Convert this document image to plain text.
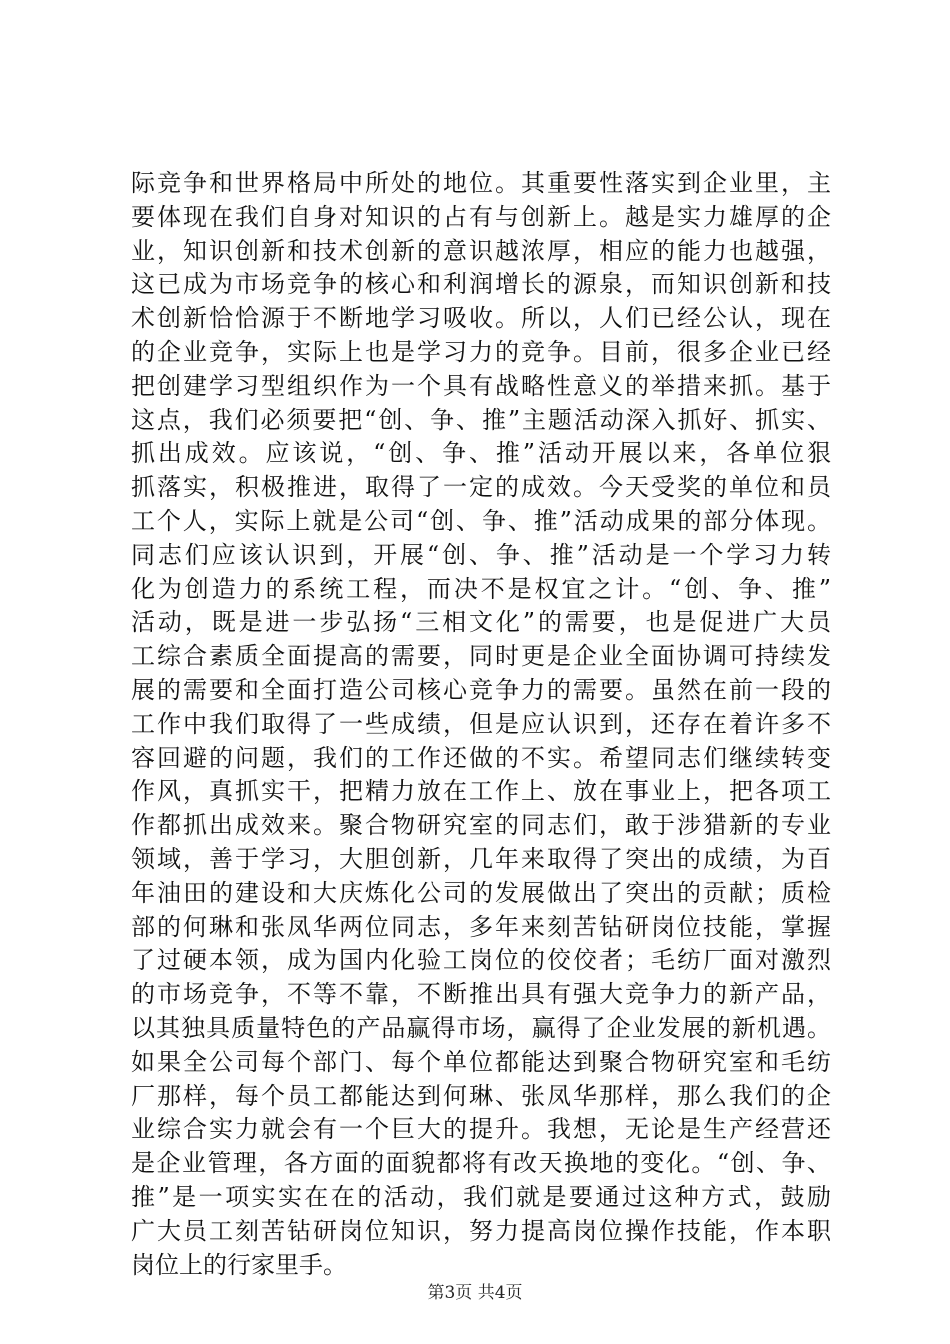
际竞争和世界格局中所处的地位。其重要性落实到企业里，主
要体现在我们自身对知识的占有与创新上。越是实力雄厚的企
业，知识创新和技术创新的意识越浓厚，相应的能力也越强，
这已成为市场竞争的核心和利润增长的源泉，而知识创新和技
术创新恰恰源于不断地学习吸收。所以，人们已经公认，现在
的企业竞争，实际上也是学习力的竞争。目前，很多企业已经
把创建学习型组织作为一个具有战略性意义的举措来抓。基于
这点，我们必须要把“创、争、推”主题活动深入抓好、抓实、
抓出成效。应该说，“创、争、推”活动开展以来，各单位狠
抓落实，积极推进，取得了一定的成效。今天受奖的单位和员
工个人，实际上就是公司“创、争、推”活动成果的部分体现。
同志们应该认识到，开展“创、争、推”活动是一个学习力转
化为创造力的系统工程，而决不是权宜之计。“创、争、推”
活动，既是进一步弘扬“三相文化”的需要，也是促进广大员
工综合素质全面提高的需要，同时更是企业全面协调可持续发
展的需要和全面打造公司核心竞争力的需要。虽然在前一段的
工作中我们取得了一些成绩，但是应认识到，还存在着许多不
容回避的问题，我们的工作还做的不实。希望同志们继续转变
作风，真抓实干，把精力放在工作上、放在事业上，把各项工
作都抓出成效来。聚合物研究室的同志们，敢于涉猎新的专业
领域，善于学习，大胆创新，几年来取得了突出的成绩，为百
年油田的建设和大庆炼化公司的发展做出了突出的贡献；质检
部的何琳和张凤华两位同志，多年来刻苦钻研岗位技能，掌握
了过硬本领，成为国内化验工岗位的佼佼者；毛纺厂面对激烈
的市场竞争，不等不靠，不断推出具有强大竞争力的新产品，
以其独具质量特色的产品赢得市场，赢得了企业发展的新机遇。
如果全公司每个部门、每个单位都能达到聚合物研究室和毛纺
厂那样，每个员工都能达到何琳、张凤华那样，那么我们的企
业综合实力就会有一个巨大的提升。我想，无论是生产经营还
是企业管理，各方面的面貌都将有改天换地的变化。“创、争、
推”是一项实实在在的活动，我们就是要通过这种方式，鼓励
广大员工刻苦钻研岗位知识，努力提高岗位操作技能，作本职
岗位上的行家里手。
第3页 共4页
